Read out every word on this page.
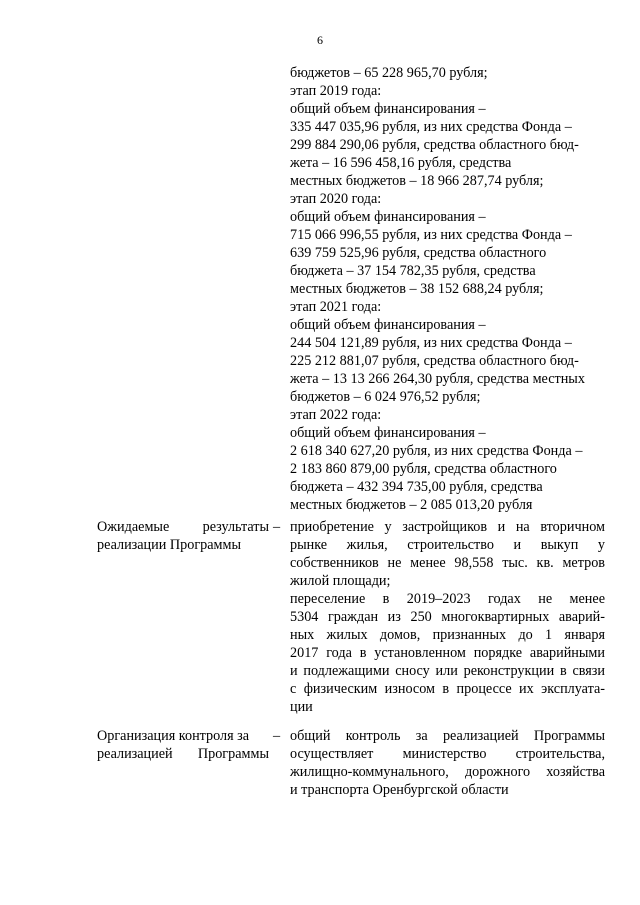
6
бюджетов – 65 228 965,70 рубля;
этап 2019 года:
общий объем финансирования –
335 447 035,96 рубля, из них средства Фонда –
299 884 290,06 рубля, средства областного бюд-
жета – 16 596 458,16 рубля, средства
местных бюджетов – 18 966 287,74 рубля;
этап 2020 года:
общий объем финансирования –
715 066 996,55 рубля, из них средства Фонда –
639 759 525,96 рубля, средства областного
бюджета – 37 154 782,35 рубля, средства
местных бюджетов – 38 152 688,24 рубля;
этап 2021 года:
общий объем финансирования –
244 504 121,89 рубля, из них средства Фонда –
225 212 881,07 рубля, средства областного бюд-
жета – 13 13 266 264,30 рубля, средства местных
бюджетов – 6 024 976,52 рубля;
этап 2022 года:
общий объем финансирования –
2 618 340 627,20 рубля, из них средства Фонда –
2 183 860 879,00 рубля, средства областного
бюджета – 432 394 735,00 рубля, средства
местных бюджетов – 2 085 013,20 рубля
Ожидаемые результаты
реализации Программы
– приобретение у застройщиков и на вторичном
рынке жилья, строительство и выкуп у
собственников не менее 98,558 тыс. кв. метров
жилой площади;
переселение в 2019–2023 годах не менее
5304 граждан из 250 многоквартирных аварий-
ных жилых домов, признанных до 1 января
2017 года в установленном порядке аварийными
и подлежащими сносу или реконструкции в связи
с физическим износом в процессе их эксплуата-
ции
Организация контроля за
реализацией Программы
– общий контроль за реализацией Программы
осуществляет министерство строительства,
жилищно-коммунального, дорожного хозяйства
и транспорта Оренбургской области
